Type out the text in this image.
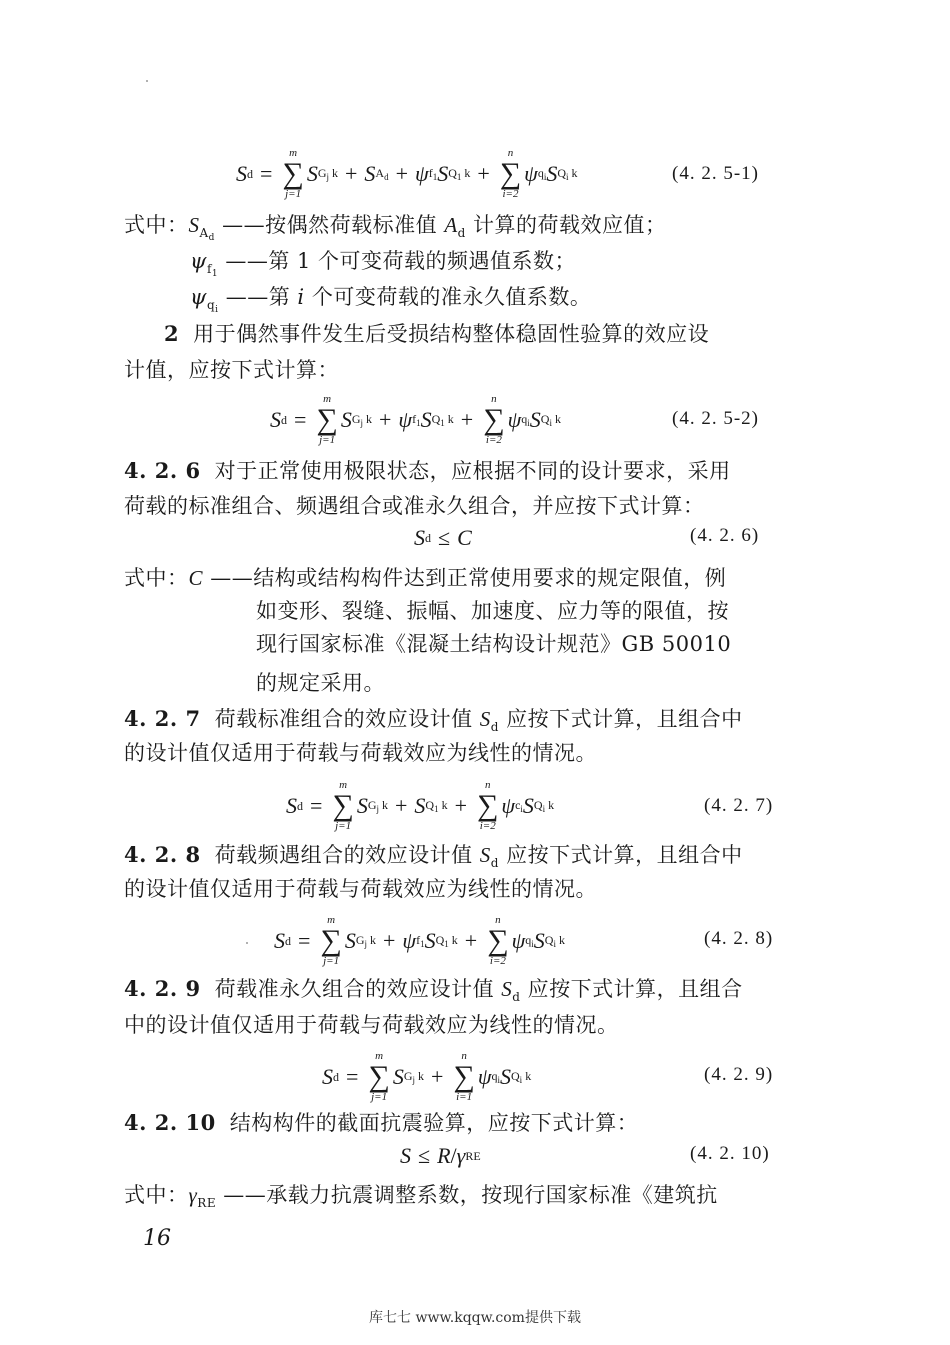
S d =
m
∑
j=1
S $G_j$ k + S $A_d + \psi$ $f_1$ S $Q_1$ k +
n
∑
i=2
ψ $q_i$ S $Q_i$ k	(4. 2. 5-1)
式中：$S_{A_d}$ ——按偶然荷载标准值 $A_d$ 计算的荷载效应值；
$\psi_{f_1}$ ——第 1 个可变荷载的频遇值系数；
$\psi_{q_i}$ ——第 i 个可变荷载的准永久值系数。
2 用于偶然事件发生后受损结构整体稳固性验算的效应设
计值，应按下式计算：
S d =
m
∑
j=1
S $G_j$ k + ψ $f_1$ S $Q_1$ k +
n
∑
i=2
ψ $q_i$ S $Q_i$ k	(4. 2. 5-2)
4. 2. 6 对于正常使用极限状态，应根据不同的设计要求，采用
荷载的标准组合、频遇组合或准永久组合，并应按下式计算：
S d ≤ C	(4. 2. 6)
式中：C ——结构或结构构件达到正常使用要求的规定限值，例
如变形、裂缝、振幅、加速度、应力等的限值，按
现行国家标准《混凝土结构设计规范》GB 50010
的规定采用。
4. 2. 7 荷载标准组合的效应设计值 $S_d$ 应按下式计算，且组合中
的设计值仅适用于荷载与荷载效应为线性的情况。
S d =
m
∑
j=1
S $G_j$ k + S $Q_1$ k +
n
∑
i=2
ψ $c_i$ S $Q_i$ k	(4. 2. 7)
4. 2. 8 荷载频遇组合的效应设计值 $S_d$ 应按下式计算，且组合中
的设计值仅适用于荷载与荷载效应为线性的情况。
S d =
m
∑
j=1
S $G_j$ k + ψ $f_1$ S $Q_1$ k +
n
∑
i=2
ψ $q_i$ S $Q_i$ k	(4. 2. 8)
4. 2. 9 荷载准永久组合的效应设计值 $S_d$ 应按下式计算，且组合
中的设计值仅适用于荷载与荷载效应为线性的情况。
S d =
m
∑
j=1
S $G_j$ k +
n
∑
i=1
ψ $q_i$ S $Q_i$ k	(4. 2. 9)
4. 2. 10 结构构件的截面抗震验算，应按下式计算：
S ≤ R / γ RE	(4. 2. 10)
式中：$\gamma_{RE}$ ——承载力抗震调整系数，按现行国家标准《建筑抗
16
库七七 www.kqqw.com提供下载
